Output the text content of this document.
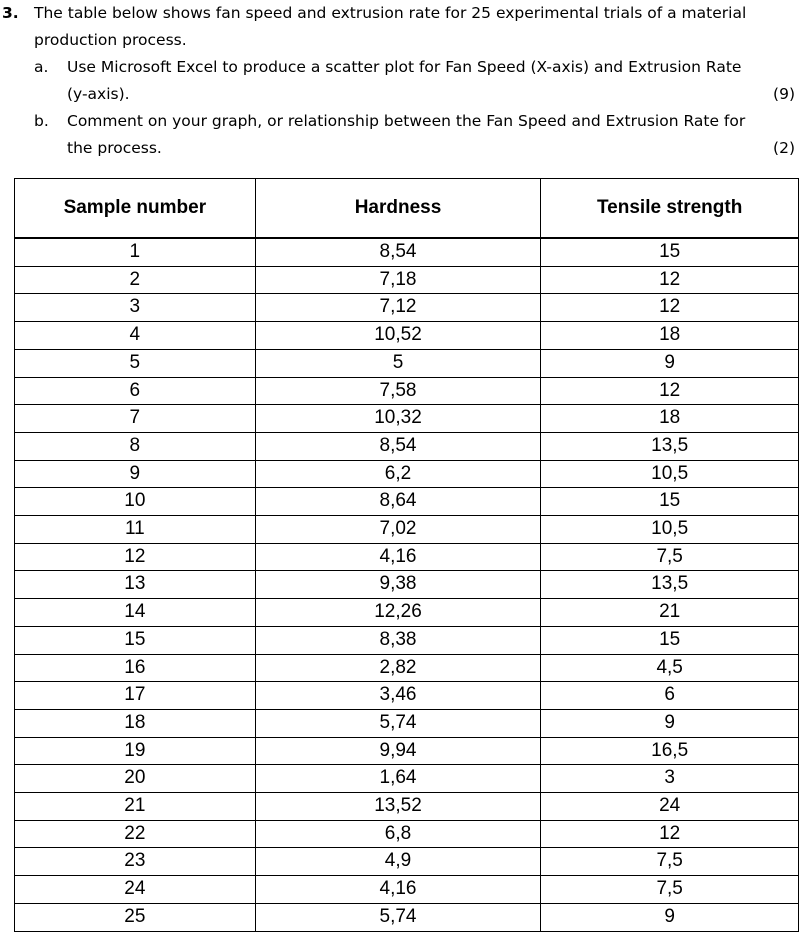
3. The table below shows fan speed and extrusion rate for 25 experimental trials of a material
production process.
a. Use Microsoft Excel to produce a scatter plot for Fan Speed (X-axis) and Extrusion Rate
(y-axis).	(9)
b. Comment on your graph, or relationship between the Fan Speed and Extrusion Rate for
the process.	(2)
Sample number	Hardness	Tensile strength
1	8,54	15
2	7,18	12
3	7,12	12
4	10,52	18
5	5	9
6	7,58	12
7	10,32	18
8	8,54	13,5
9	6,2	10,5
10	8,64	15
11	7,02	10,5
12	4,16	7,5
13	9,38	13,5
14	12,26	21
15	8,38	15
16	2,82	4,5
17	3,46	6
18	5,74	9
19	9,94	16,5
20	1,64	3
21	13,52	24
22	6,8	12
23	4,9	7,5
24	4,16	7,5
25	5,74	9
